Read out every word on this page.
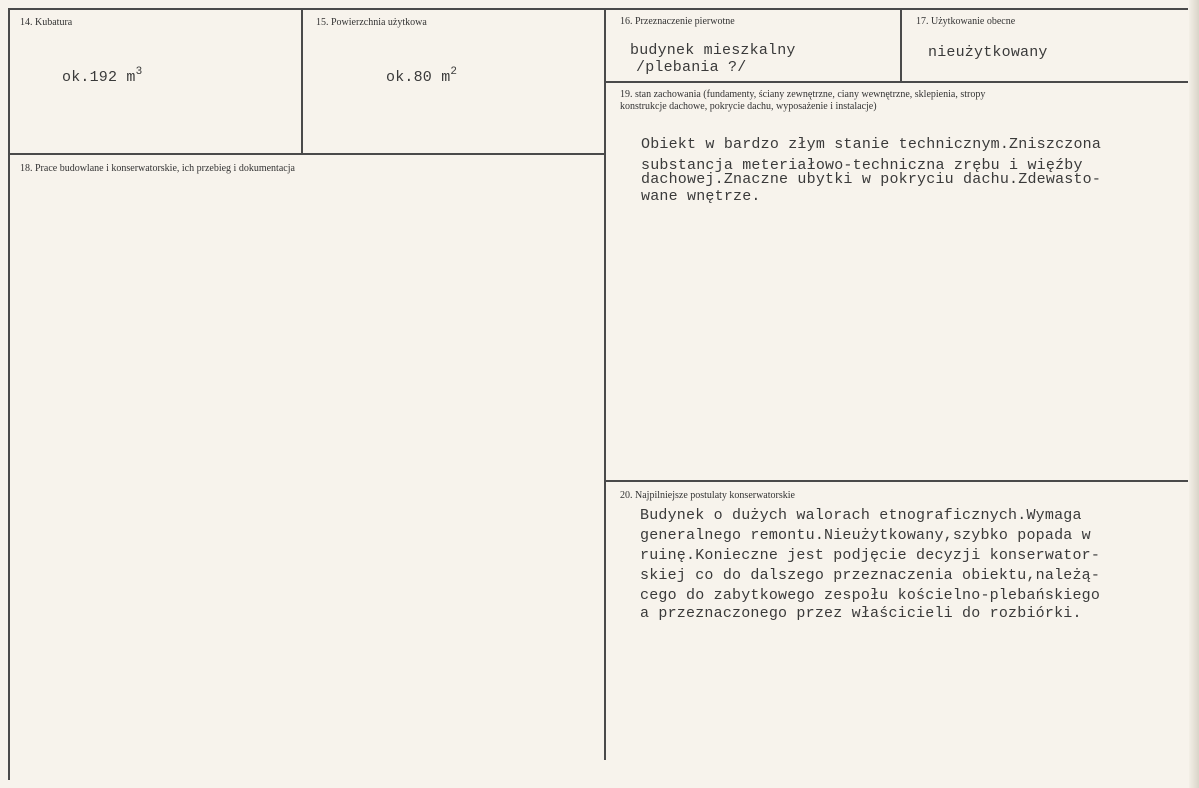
14. Kubatura
ok.192 $m^3$
15. Powierzchnia użytkowa
ok.80 $m^2$
16. Przeznaczenie pierwotne
budynek mieszkalny
/plebania ?/
17. Użytkowanie obecne
nieużytkowany
18. Prace budowlane i konserwatorskie, ich przebieg i dokumentacja
19. stan zachowania (fundamenty, ściany zewnętrzne, ciany wewnętrzne, sklepienia, stropy
konstrukcje dachowe, pokrycie dachu, wyposażenie i instalacje)
Obiekt w bardzo złym stanie technicznym.Zniszczona
substancja meteriałowo-techniczna zrębu i więźby
dachowej.Znaczne ubytki w pokryciu dachu.Zdewasto-
wane wnętrze.
20. Najpilniejsze postulaty konserwatorskie
Budynek o dużych walorach etnograficznych.Wymaga
generalnego remontu.Nieużytkowany,szybko popada w
ruinę.Konieczne jest podjęcie decyzji konserwator-
skiej co do dalszego przeznaczenia obiektu,należą-
cego do zabytkowego zespołu kościelno-plebańskiego
a przeznaczonego przez właścicieli do rozbiórki.
